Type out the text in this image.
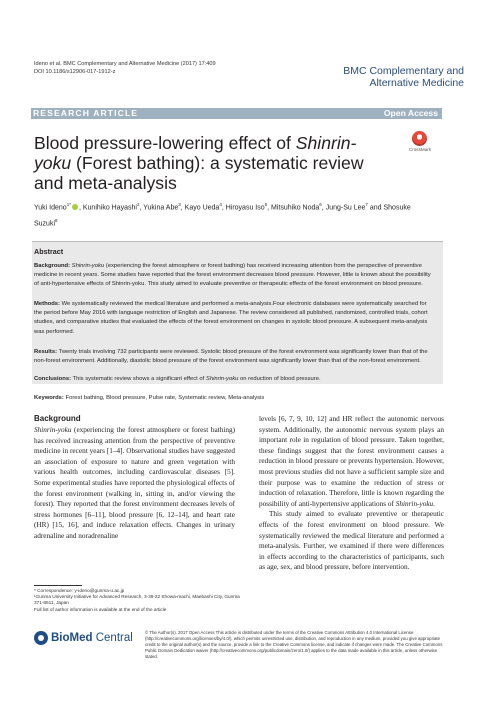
Ideno et al. BMC Complementary and Alternative Medicine (2017) 17:409
DOI 10.1186/s12906-017-1912-z	BMC Complementary and
Alternative Medicine
RESEARCH ARTICLE	Open Access
Blood pressure-lowering effect of Shinrin-yoku (Forest bathing): a systematic review and meta-analysis
CrossMark
Yuki Ideno$^{1*}$ , Kunihiko Hayashi$^2$, Yukina Abe$^3$, Kayo Ueda$^4$, Hiroyasu Iso$^5$, Mitsuhiko Noda$^6$, Jung-Su Lee$^7$ and Shosuke Suzuki$^8$
Abstract
Background: Shinrin-yoku (experiencing the forest atmosphere or forest bathing) has received increasing attention from the perspective of preventive medicine in recent years. Some studies have reported that the forest environment decreases blood pressure. However, little is known about the possibility of anti-hypertensive effects of Shinrin-yoku. This study aimed to evaluate preventive or therapeutic effects of the forest environment on blood pressure.
Methods: We systematically reviewed the medical literature and performed a meta-analysis.Four electronic databases were systematically searched for the period before May 2016 with language restriction of English and Japanese. The review considered all published, randomized, controlled trials, cohort studies, and comparative studies that evaluated the effects of the forest environment on changes in systolic blood pressure. A subsequent meta-analysis was performed.
Results: Twenty trials involving 732 participants were reviewed. Systolic blood pressure of the forest environment was significantly lower than that of the non-forest environment. Additionally, diastolic blood pressure of the forest environment was significantly lower than that of the non-forest environment.
Conclusions: This systematic review shows a significant effect of Shinrin-yoku on reduction of blood pressure.
Keywords: Forest bathing, Blood pressure, Pulse rate, Systematic review, Meta-analysis
Background
Shinrin-yoku (experiencing the forest atmosphere or forest bathing) has received increasing attention from the perspective of preventive medicine in recent years [1–4]. Observational studies have suggested an association of exposure to nature and green vegetation with various health outcomes, including cardiovascular diseases [5]. Some experimental studies have reported the physiological effects of the forest environment (walking in, sitting in, and/or viewing the forest). They reported that the forest environment decreases levels of stress hormones [6–11], blood pressure [6, 12–14], and heart rate (HR) [15, 16], and induce relaxation effects. Changes in urinary adrenaline and noradrenaline
levels [6, 7, 9, 10, 12] and HR reflect the autonomic nervous system. Additionally, the autonomic nervous system plays an important role in regulation of blood pressure. Taken together, these findings suggest that the forest environment causes a reduction in blood pressure or prevents hypertension. However, most previous studies did not have a sufficient sample size and their purpose was to examine the reduction of stress or induction of relaxation. Therefore, little is known regarding the possibility of anti-hypertensive applications of Shinrin-yoku.
This study aimed to evaluate preventive or therapeutic effects of the forest environment on blood pressure. We systematically reviewed the medical literature and performed a meta-analysis. Further, we examined if there were differences in effects according to the characteristics of participants, such as age, sex, and blood pressure, before intervention.
* Correspondence: y-ideno@gunma-u.ac.jp
¹Gunma University Initiative for Advanced Research, 3-39-22 Showa-machi, Maebashi City, Gunma 371-8511, Japan
Full list of author information is available at the end of the article
BioMed Central	© The Author(s). 2017 Open Access This article is distributed under the terms of the Creative Commons Attribution 4.0 International License (http://creativecommons.org/licenses/by/4.0/), which permits unrestricted use, distribution, and reproduction in any medium, provided you give appropriate credit to the original author(s) and the source, provide a link to the Creative Commons license, and indicate if changes were made. The Creative Commons Public Domain Dedication waiver (http://creativecommons.org/publicdomain/zero/1.0/) applies to the data made available in this article, unless otherwise stated.
